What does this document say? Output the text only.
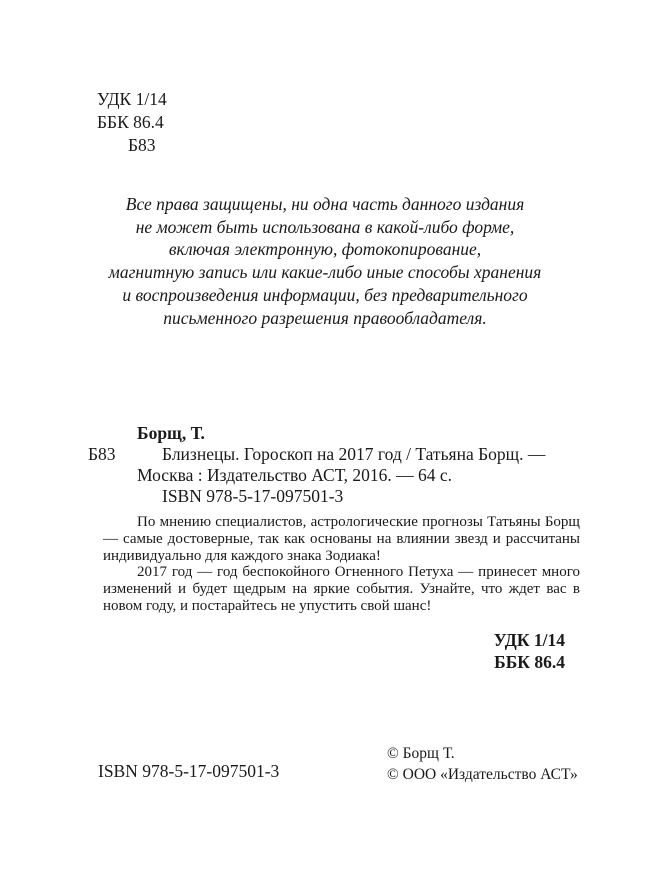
УДК 1/14
ББК 86.4
Б83
Все права защищены, ни одна часть данного издания
не может быть использована в какой-либо форме,
включая электронную, фотокопирование,
магнитную запись или какие-либо иные способы хранения
и воспроизведения информации, без предварительного
письменного разрешения правообладателя.
Борщ, Т.
Б83	Близнецы. Гороскоп на 2017 год / Татьяна Борщ. —
Москва : Издательство АСТ, 2016. — 64 с.
ISBN 978-5-17-097501-3

По мнению специалистов, астрологические прогнозы Татьяны Борщ — самые достоверные, так как основаны на влиянии звезд и рассчитаны индивидуально для каждого знака Зодиака!

2017 год — год беспокойного Огненного Петуха — принесет много изменений и будет щедрым на яркие события. Узнайте, что ждет вас в новом году, и постарайтесь не упустить свой шанс!

УДК 1/14
ББК 86.4
ISBN 978-5-17-097501-3
© Борщ Т.
© ООО «Издательство АСТ»
